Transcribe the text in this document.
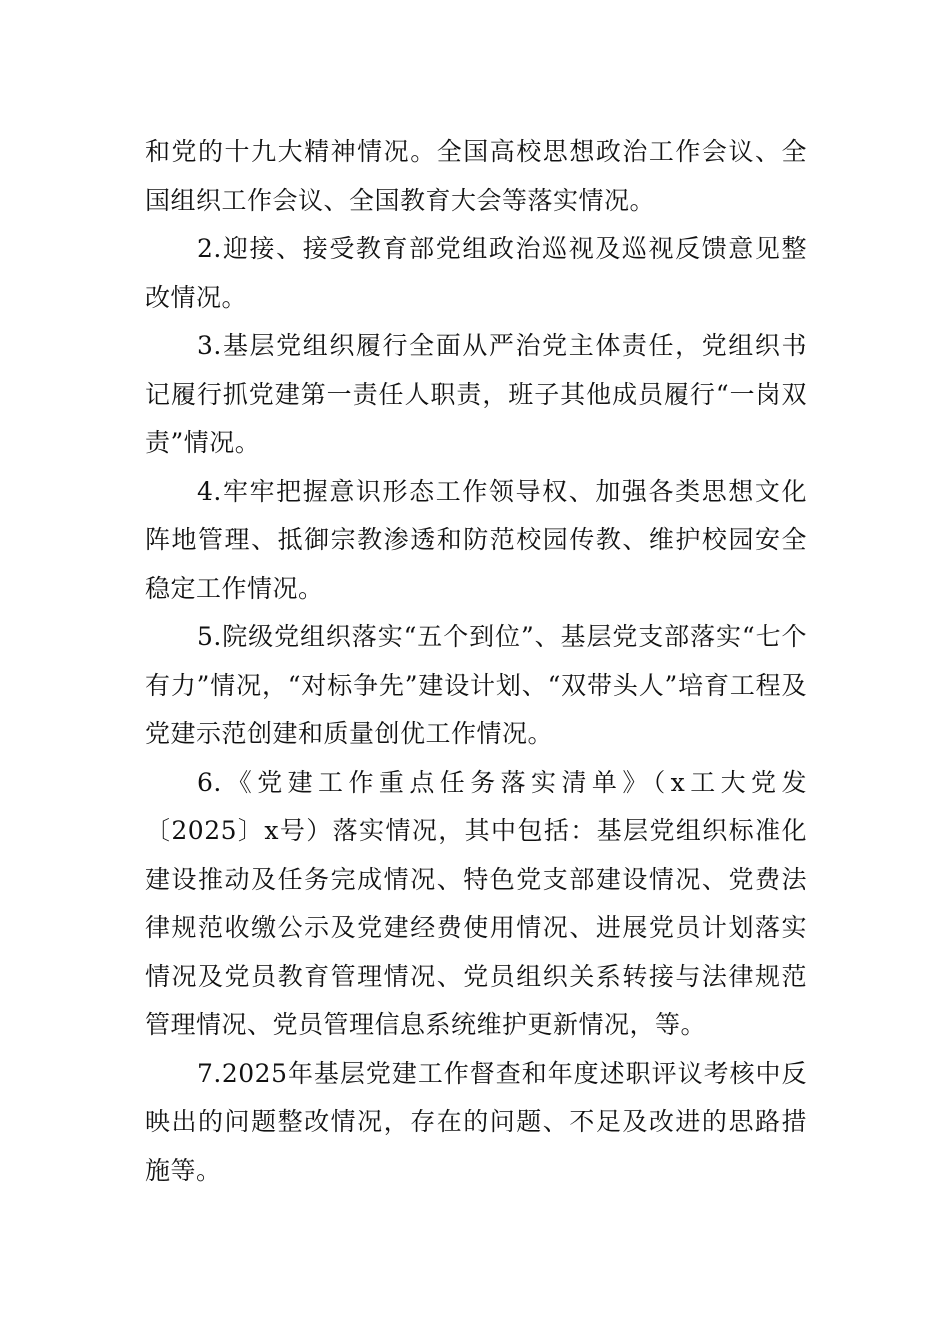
和党的十九大精神情况。全国高校思想政治工作会议、全国组织工作会议、全国教育大会等落实情况。

2.迎接、接受教育部党组政治巡视及巡视反馈意见整改情况。

3.基层党组织履行全面从严治党主体责任，党组织书记履行抓党建第一责任人职责，班子其他成员履行“一岗双责”情况。

4.牢牢把握意识形态工作领导权、加强各类思想文化阵地管理、抵御宗教渗透和防范校园传教、维护校园安全稳定工作情况。

5.院级党组织落实“五个到位”、基层党支部落实“七个有力”情况，“对标争先”建设计划、“双带头人”培育工程及党建示范创建和质量创优工作情况。

6.《党建工作重点任务落实清单》（x工大党发〔2025〕x号）落实情况，其中包括：基层党组织标准化建设推动及任务完成情况、特色党支部建设情况、党费法律规范收缴公示及党建经费使用情况、进展党员计划落实情况及党员教育管理情况、党员组织关系转接与法律规范管理情况、党员管理信息系统维护更新情况，等。

7.2025年基层党建工作督查和年度述职评议考核中反映出的问题整改情况，存在的问题、不足及改进的思路措施等。
